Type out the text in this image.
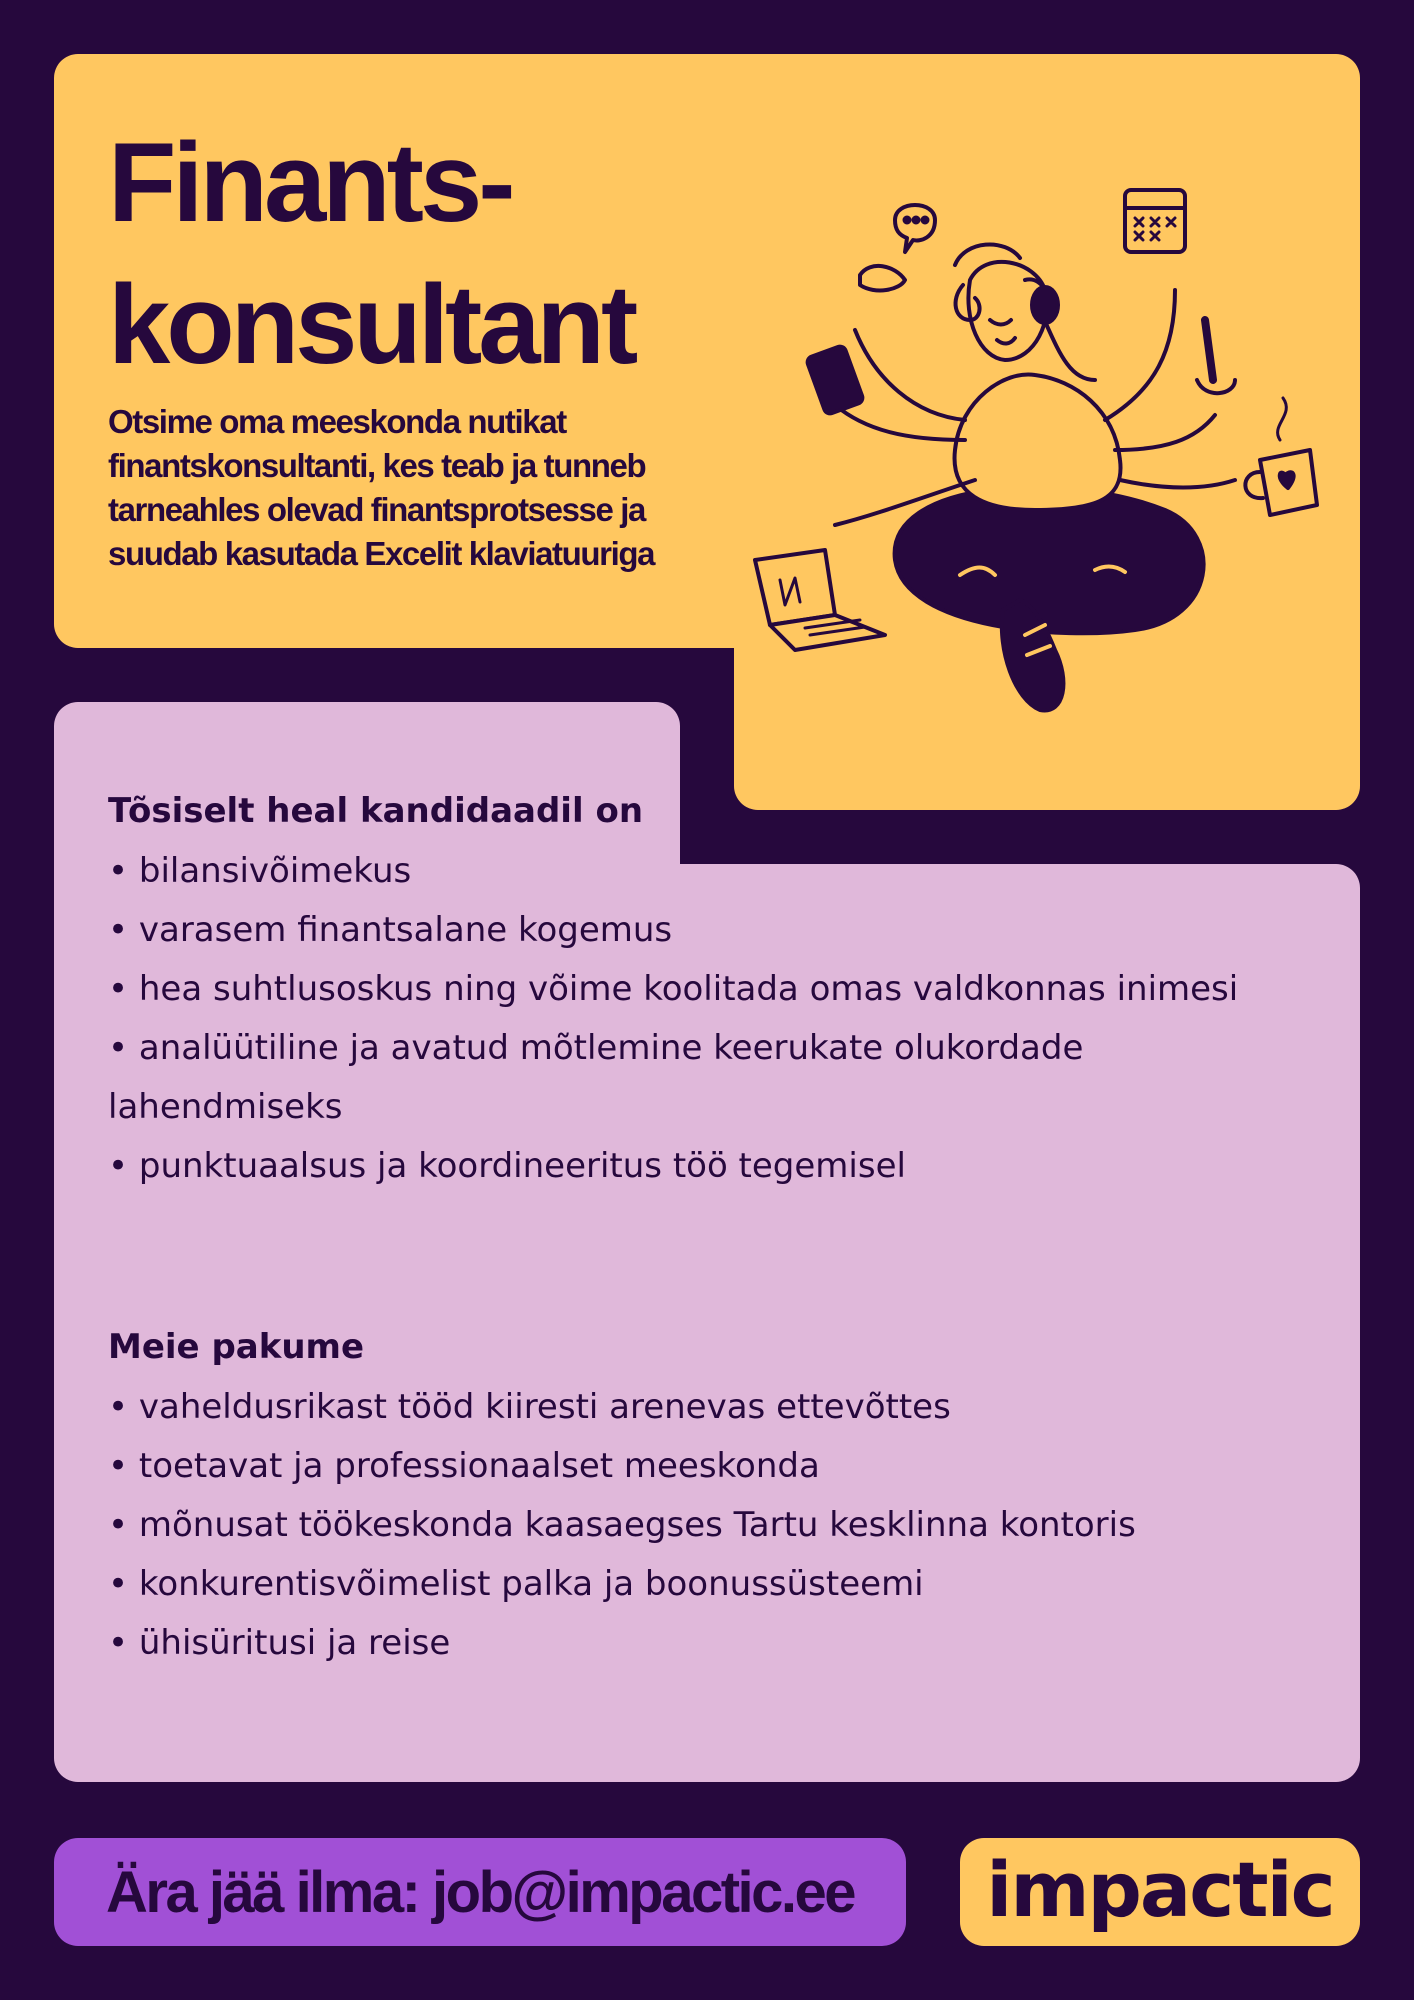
Finants-
konsultant

Otsime oma meeskonda nutikat finantskonsultanti, kes teab ja tunneb tarneahles olevad finantsprotsesse ja suudab kasutada Excelit klaviatuuriga

Tõsiselt heal kandidaadil on
• bilansivõimekus
• varasem finantsalane kogemus
• hea suhtlusoskus ning võime koolitada omas valdkonnas inimesi
• analüütiline ja avatud mõtlemine keerukate olukordade lahendmiseks
• punktuaalsus ja koordineeritus töö tegemisel
Meie pakume
• vaheldusrikast tööd kiiresti arenevas ettevõttes
• toetavat ja professionaalset meeskonda
• mõnusat töökeskonda kaasaegses Tartu kesklinna kontoris
• konkurentisvõimelist palka ja boonussüsteemi
• ühisüritusi ja reise
Ära jää ilma: job@impactic.ee impactic
